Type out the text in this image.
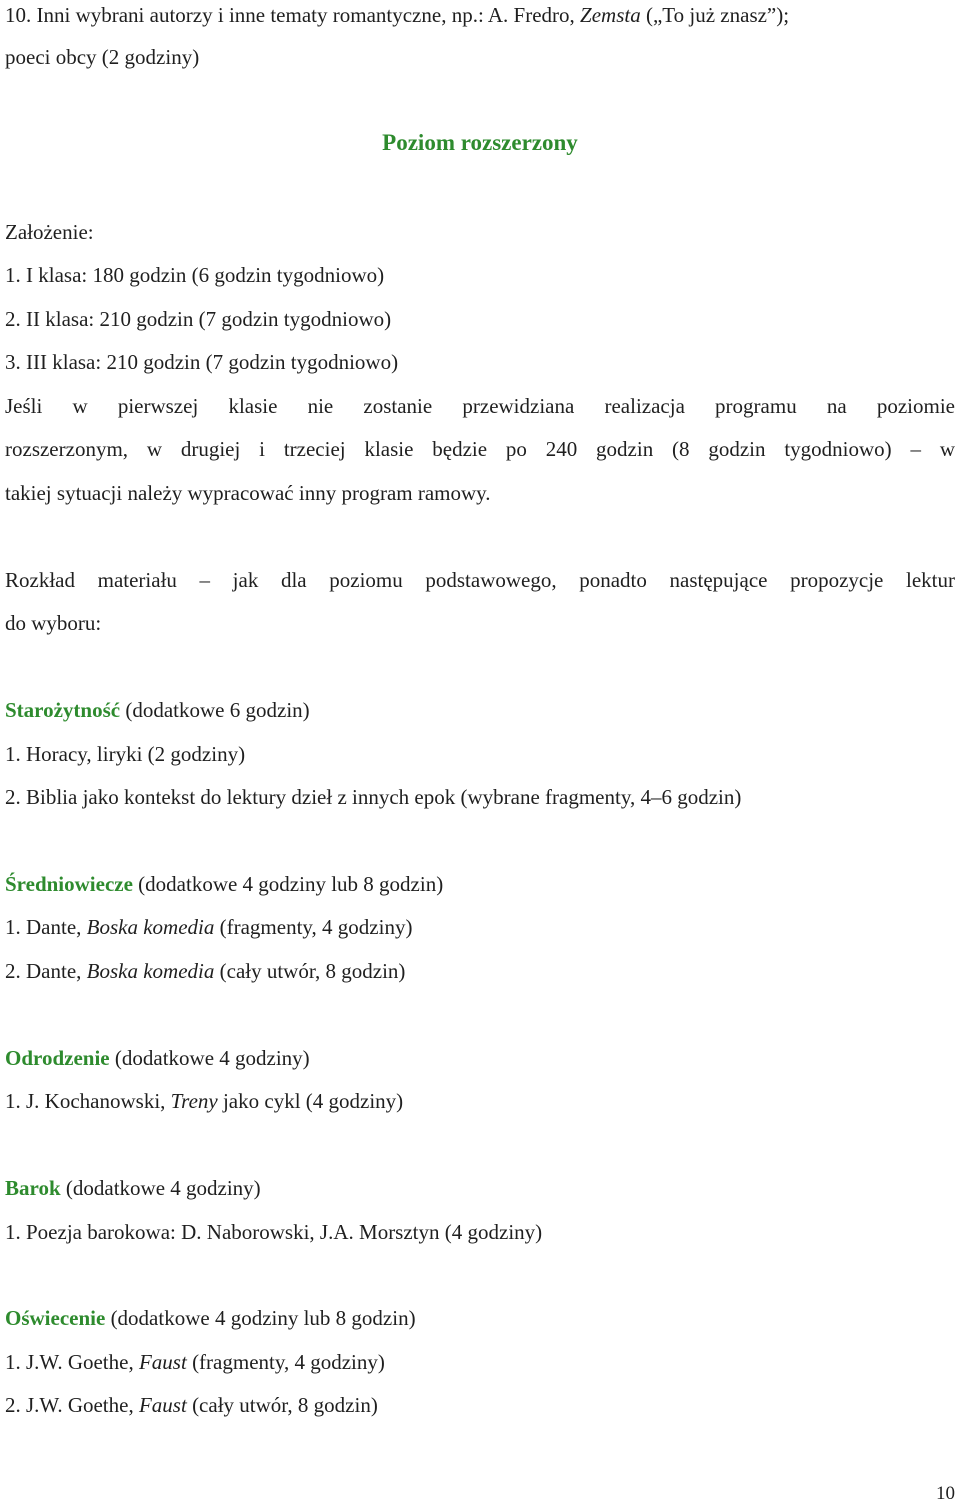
10. Inni wybrani autorzy i inne tematy romantyczne, np.: A. Fredro, Zemsta („To już znasz”);
poeci obcy (2 godziny)
Poziom rozszerzony
Założenie:
1. I klasa: 180 godzin (6 godzin tygodniowo)
2. II klasa: 210 godzin (7 godzin tygodniowo)
3. III klasa: 210 godzin (7 godzin tygodniowo)
Jeśli w pierwszej klasie nie zostanie przewidziana realizacja programu na poziomie
rozszerzonym, w drugiej i trzeciej klasie będzie po 240 godzin (8 godzin tygodniowo) – w
takiej sytuacji należy wypracować inny program ramowy.
Rozkład materiału – jak dla poziomu podstawowego, ponadto następujące propozycje lektur
do wyboru:
Starożytność (dodatkowe 6 godzin)
1. Horacy, liryki (2 godziny)
2. Biblia jako kontekst do lektury dzieł z innych epok (wybrane fragmenty, 4–6 godzin)
Średniowiecze (dodatkowe 4 godziny lub 8 godzin)
1. Dante, Boska komedia (fragmenty, 4 godziny)
2. Dante, Boska komedia (cały utwór, 8 godzin)
Odrodzenie (dodatkowe 4 godziny)
1. J. Kochanowski, Treny jako cykl (4 godziny)
Barok (dodatkowe 4 godziny)
1. Poezja barokowa: D. Naborowski, J.A. Morsztyn (4 godziny)
Oświecenie (dodatkowe 4 godziny lub 8 godzin)
1. J.W. Goethe, Faust (fragmenty, 4 godziny)
2. J.W. Goethe, Faust (cały utwór, 8 godzin)
10
